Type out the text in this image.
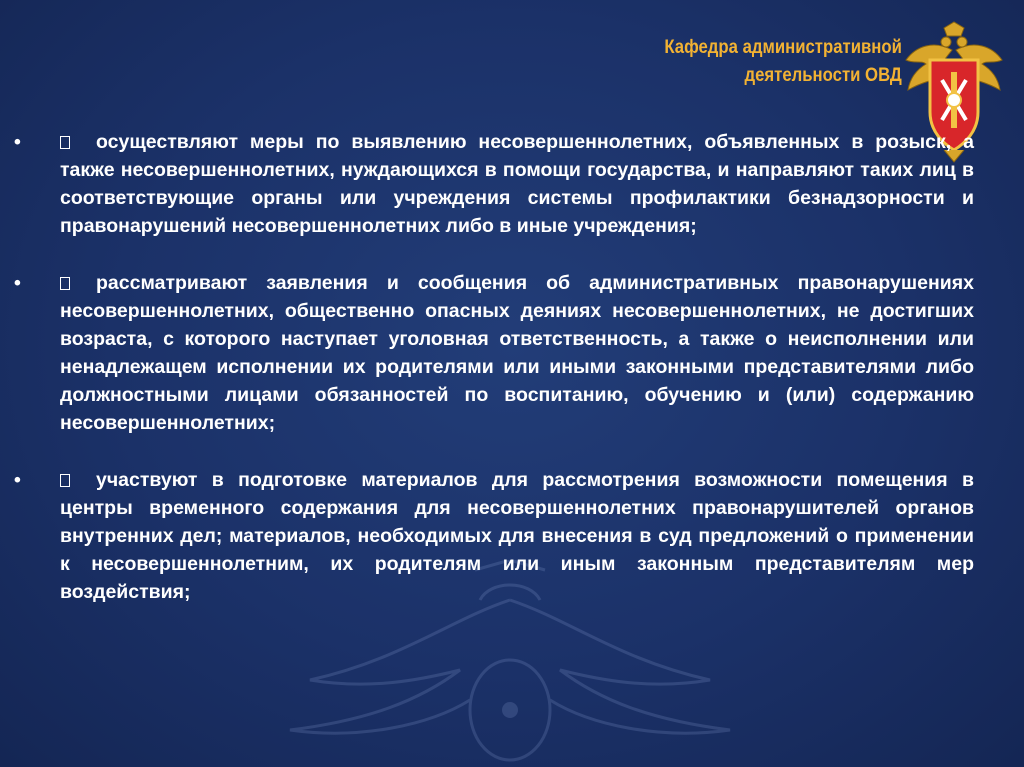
Кафедра административной
деятельности ОВД
•	осуществляют меры по выявлению несовершеннолетних, объявленных в розыск, а также несовершеннолетних, нуждающихся в помощи государства, и направляют таких лиц в соответствующие органы или учреждения системы профилактики безнадзорности и правонарушений несовершеннолетних либо в иные учреждения;
•	рассматривают заявления и сообщения об административных правонарушениях несовершеннолетних, общественно опасных деяниях несовершеннолетних, не достигших возраста, с которого наступает уголовная ответственность, а также о неисполнении или ненадлежащем исполнении их родителями или иными законными представителями либо должностными лицами обязанностей по воспитанию, обучению и (или) содержанию несовершеннолетних;
•	участвуют в подготовке материалов для рассмотрения возможности помещения в центры временного содержания для несовершеннолетних правонарушителей органов внутренних дел; материалов, необходимых для внесения в суд предложений о применении к несовершеннолетним, их родителям или иным законным представителям мер воздействия;
